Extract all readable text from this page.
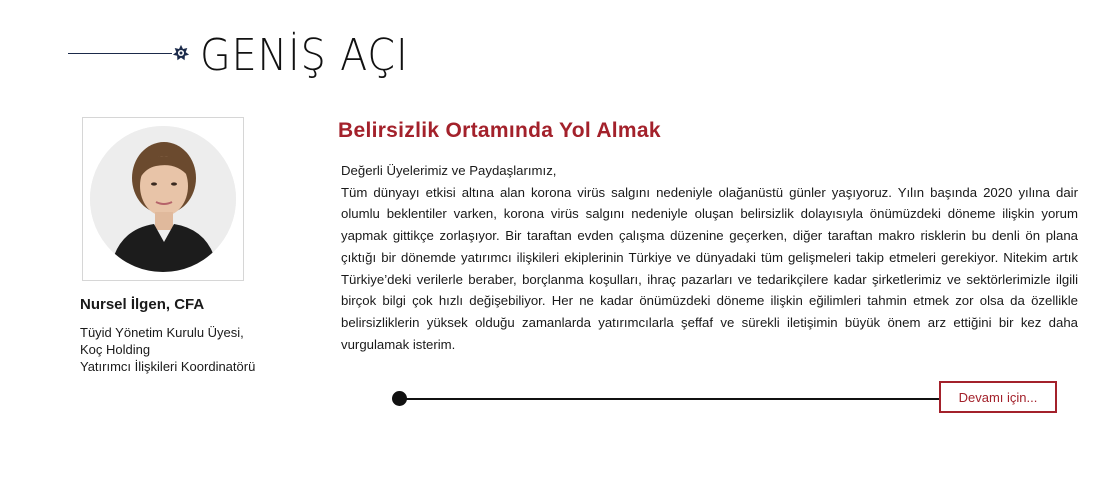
GENİŞ AÇI
Nursel İlgen, CFA
Tüyid Yönetim Kurulu Üyesi,
Koç Holding
Yatırımcı İlişkileri Koordinatörü
Belirsizlik Ortamında Yol Almak

Değerli Üyelerimiz ve Paydaşlarımız,

Tüm dünyayı etkisi altına alan korona virüs salgını nedeniyle olağanüstü günler yaşıyoruz. Yılın başında 2020 yılına dair olumlu beklentiler varken, korona virüs salgını nedeniyle oluşan belirsizlik dolayısıyla önümüzdeki döneme ilişkin yorum yapmak gittikçe zorlaşıyor. Bir taraftan evden çalışma düzenine geçerken, diğer taraftan makro risklerin bu denli ön plana çıktığı bir dönemde yatırımcı ilişkileri ekiplerinin Türkiye ve dünyadaki tüm gelişmeleri takip etmeleri gerekiyor. Nitekim artık Türkiye’deki verilerle beraber, borçlanma koşulları, ihraç pazarları ve tedarikçilere kadar şirketlerimiz ve sektörlerimizle ilgili birçok bilgi çok hızlı değişebiliyor. Her ne kadar önümüzdeki döneme ilişkin eğilimleri tahmin etmek zor olsa da özellikle belirsizliklerin yüksek olduğu zamanlarda yatırımcılarla şeffaf ve sürekli iletişimin büyük önem arz ettiğini bir kez daha vurgulamak isterim.

Devamı için...
